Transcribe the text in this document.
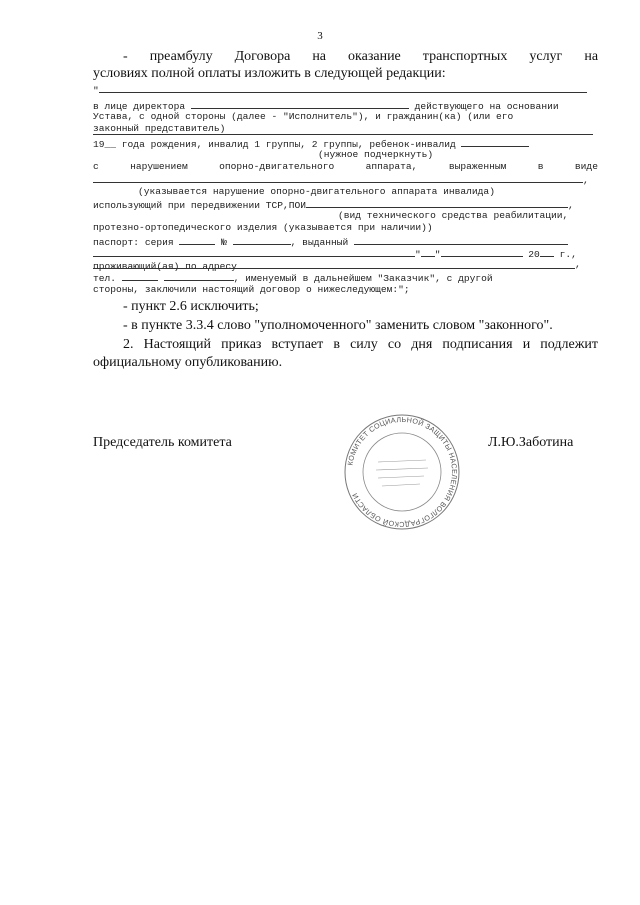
3
- преамбулу Договора на оказание транспортных услуг на
условиях полной оплаты изложить в следующей редакции:
"
в лице директора	действующего на основании
Устава, с одной стороны (далее - "Исполнитель"), и гражданин(ка) (или его
законный представитель)
19__ года рождения, инвалид 1 группы, 2 группы, ребенок-инвалид
(нужное подчеркнуть)
с	нарушением	опорно-двигательного	аппарата,	выраженным	в	виде
,
(указывается нарушение опорно-двигательного аппарата инвалида)
использующий при передвижении ТСР,ПОИ	,
(вид технического средства реабилитации,
протезно-ортопедического изделия (указывается при наличии))
паспорт: серия	№	, выданный
" "	20 г.,
проживающий(ая) по адресу	,
тел.	, именуемый в дальнейшем "Заказчик", с другой
стороны, заключили настоящий договор о нижеследующем:";
- пункт 2.6 исключить;
- в пункте 3.3.4 слово "уполномоченного" заменить словом "законного".
2. Настоящий приказ вступает в силу со дня подписания и подлежит официальному опубликованию.
Председатель комитета
КОМИТЕТ СОЦИАЛЬНОЙ ЗАЩИТЫ НАСЕЛЕНИЯ ВОЛГОГРАДСКОЙ ОБЛАСТИ
Л.Ю.Заботина
